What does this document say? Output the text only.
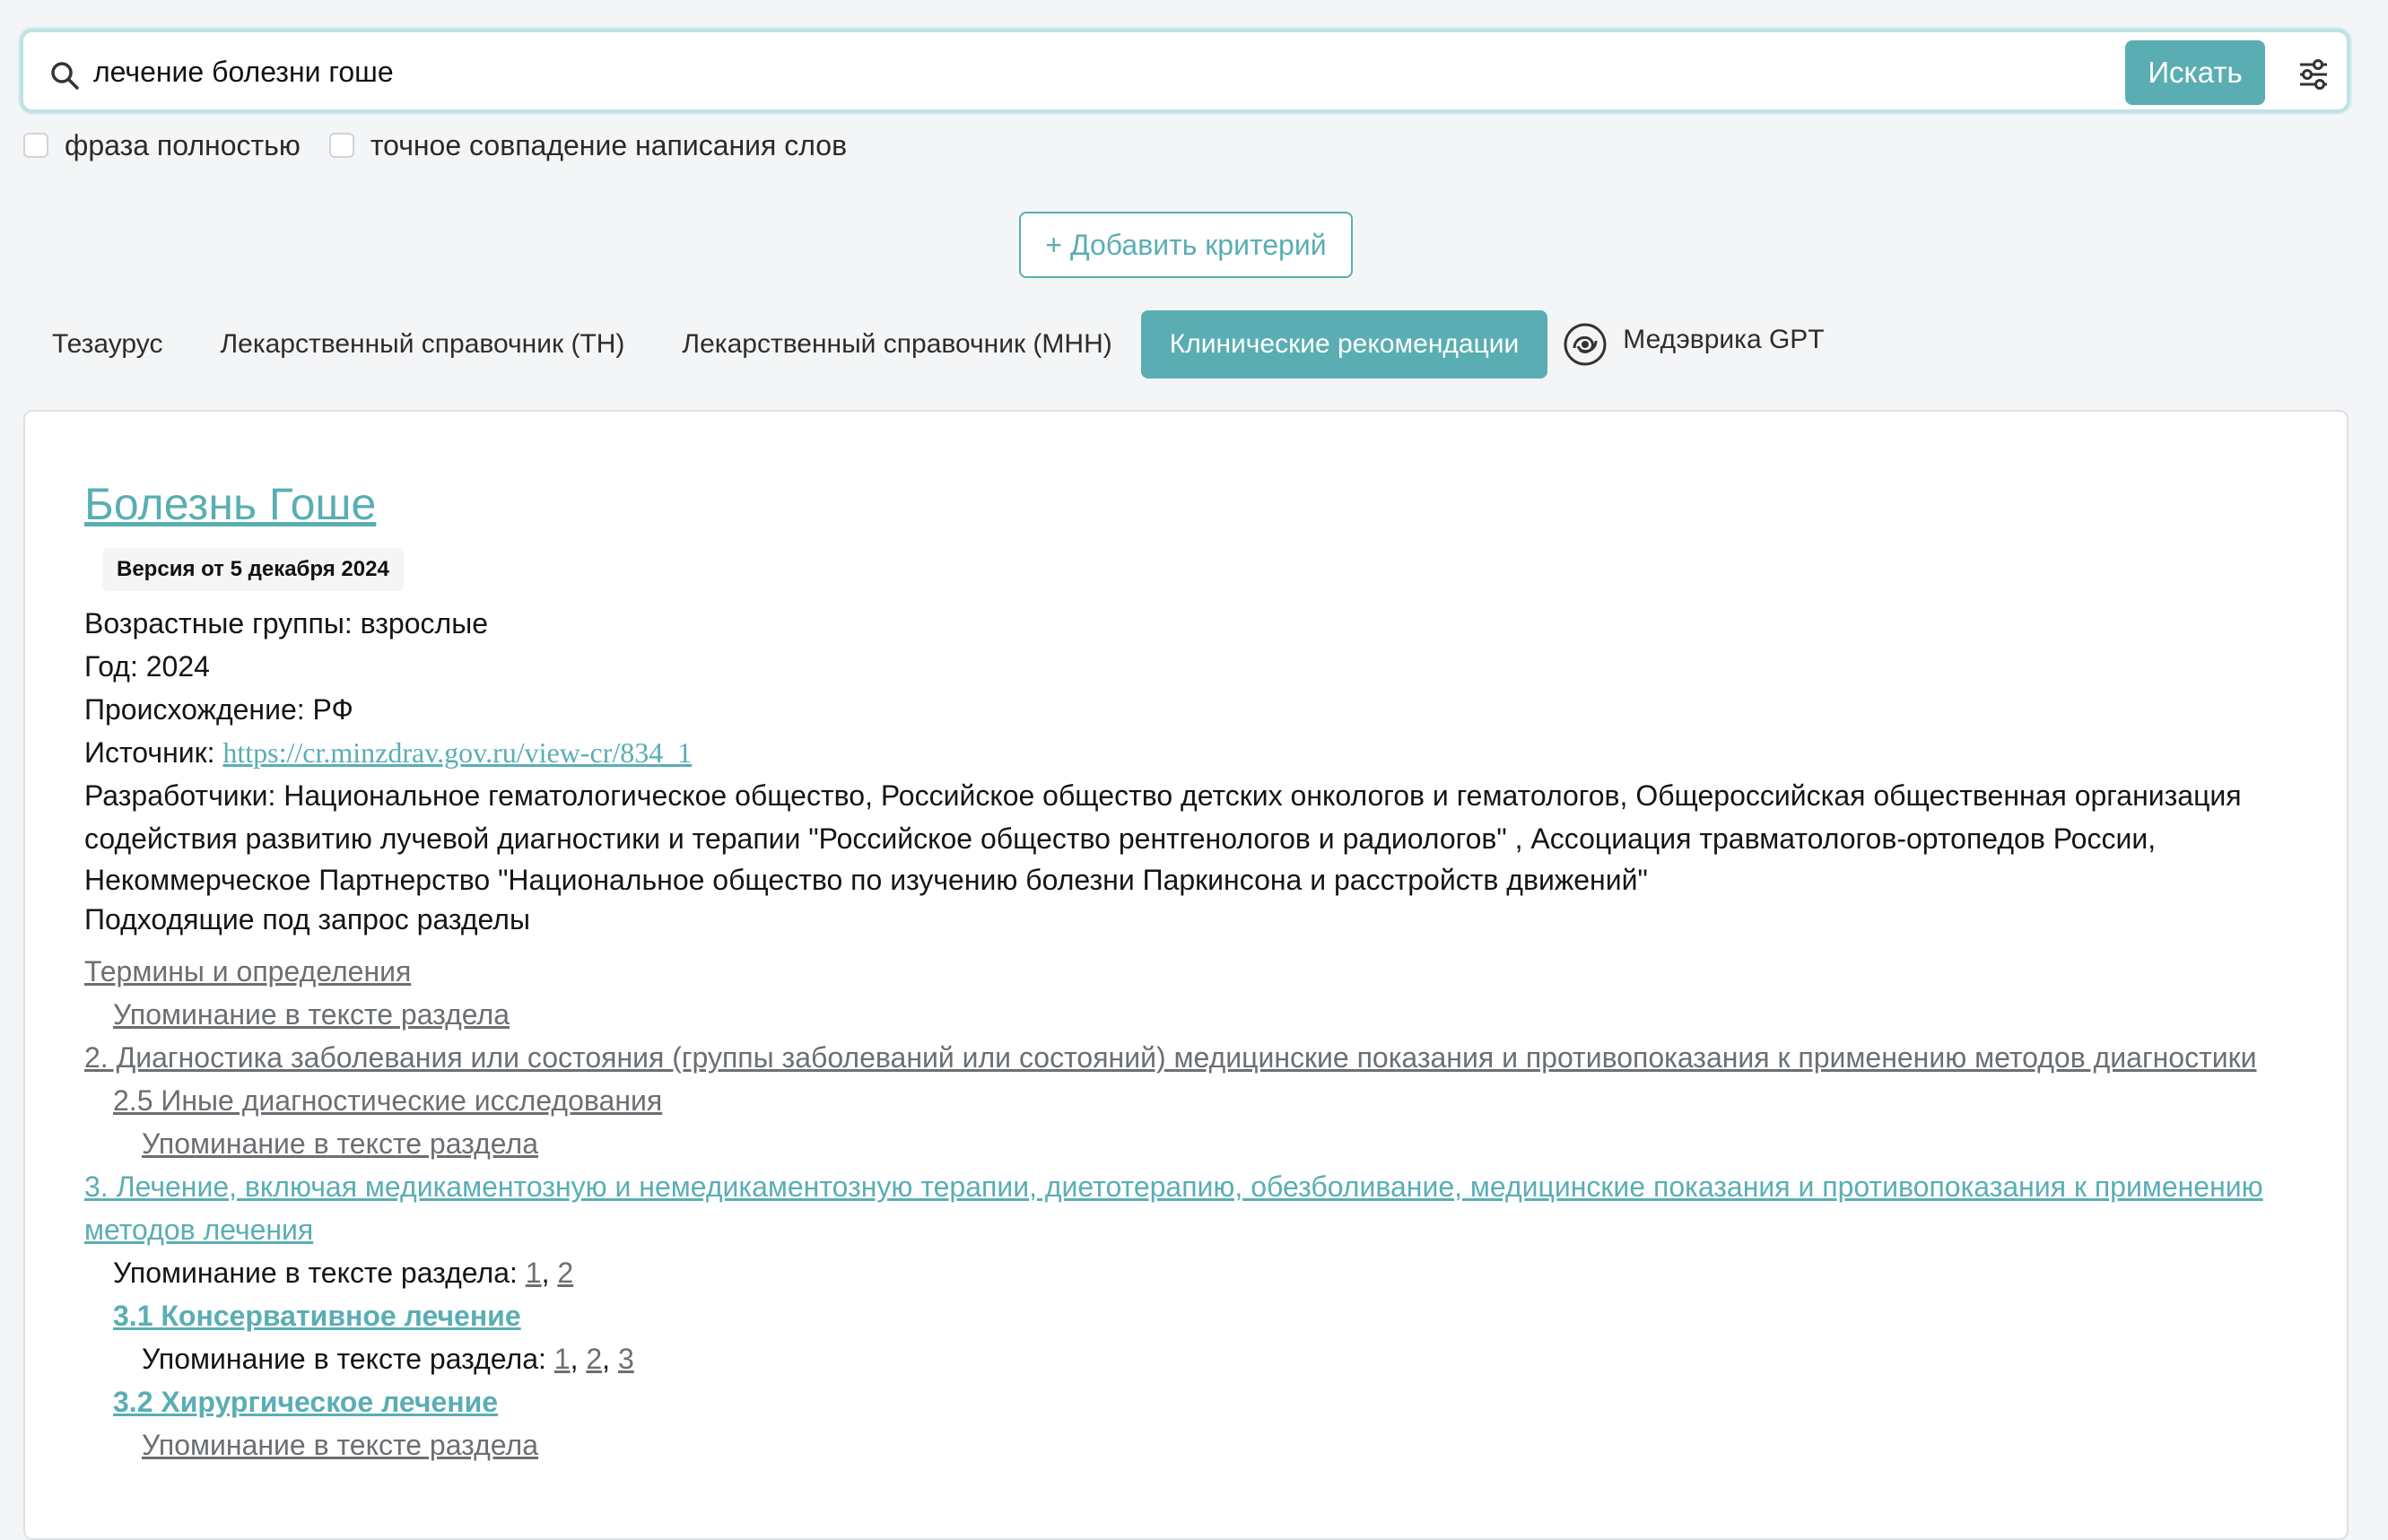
лечение болезни гоше
Искать
фраза полностью точное совпадение написания слов
+ Добавить критерий
Тезаурус	Лекарственный справочник (ТН)	Лекарственный справочник (МНН)	Клинические рекомендации	Медэврика GPT
Болезнь Гоше
Версия от 5 декабря 2024
Возрастные группы: взрослые
Год: 2024
Происхождение: РФ
Источник: https://cr.minzdrav.gov.ru/view-cr/834_1
Разработчики: Национальное гематологическое общество, Российское общество детских онкологов и гематологов, Общероссийская общественная организация
содействия развитию лучевой диагностики и терапии "Российское общество рентгенологов и радиологов" , Ассоциация травматологов-ортопедов России,
Некоммерческое Партнерство "Национальное общество по изучению болезни Паркинсона и расстройств движений"
Подходящие под запрос разделы
Термины и определения
Упоминание в тексте раздела
2. Диагностика заболевания или состояния (группы заболеваний или состояний) медицинские показания и противопоказания к применению методов диагностики
2.5 Иные диагностические исследования
Упоминание в тексте раздела
3. Лечение, включая медикаментозную и немедикаментозную терапии, диетотерапию, обезболивание, медицинские показания и противопоказания к применению
методов лечения
Упоминание в тексте раздела: 1, 2
3.1 Консервативное лечение
Упоминание в тексте раздела: 1, 2, 3
3.2 Хирургическое лечение
Упоминание в тексте раздела
